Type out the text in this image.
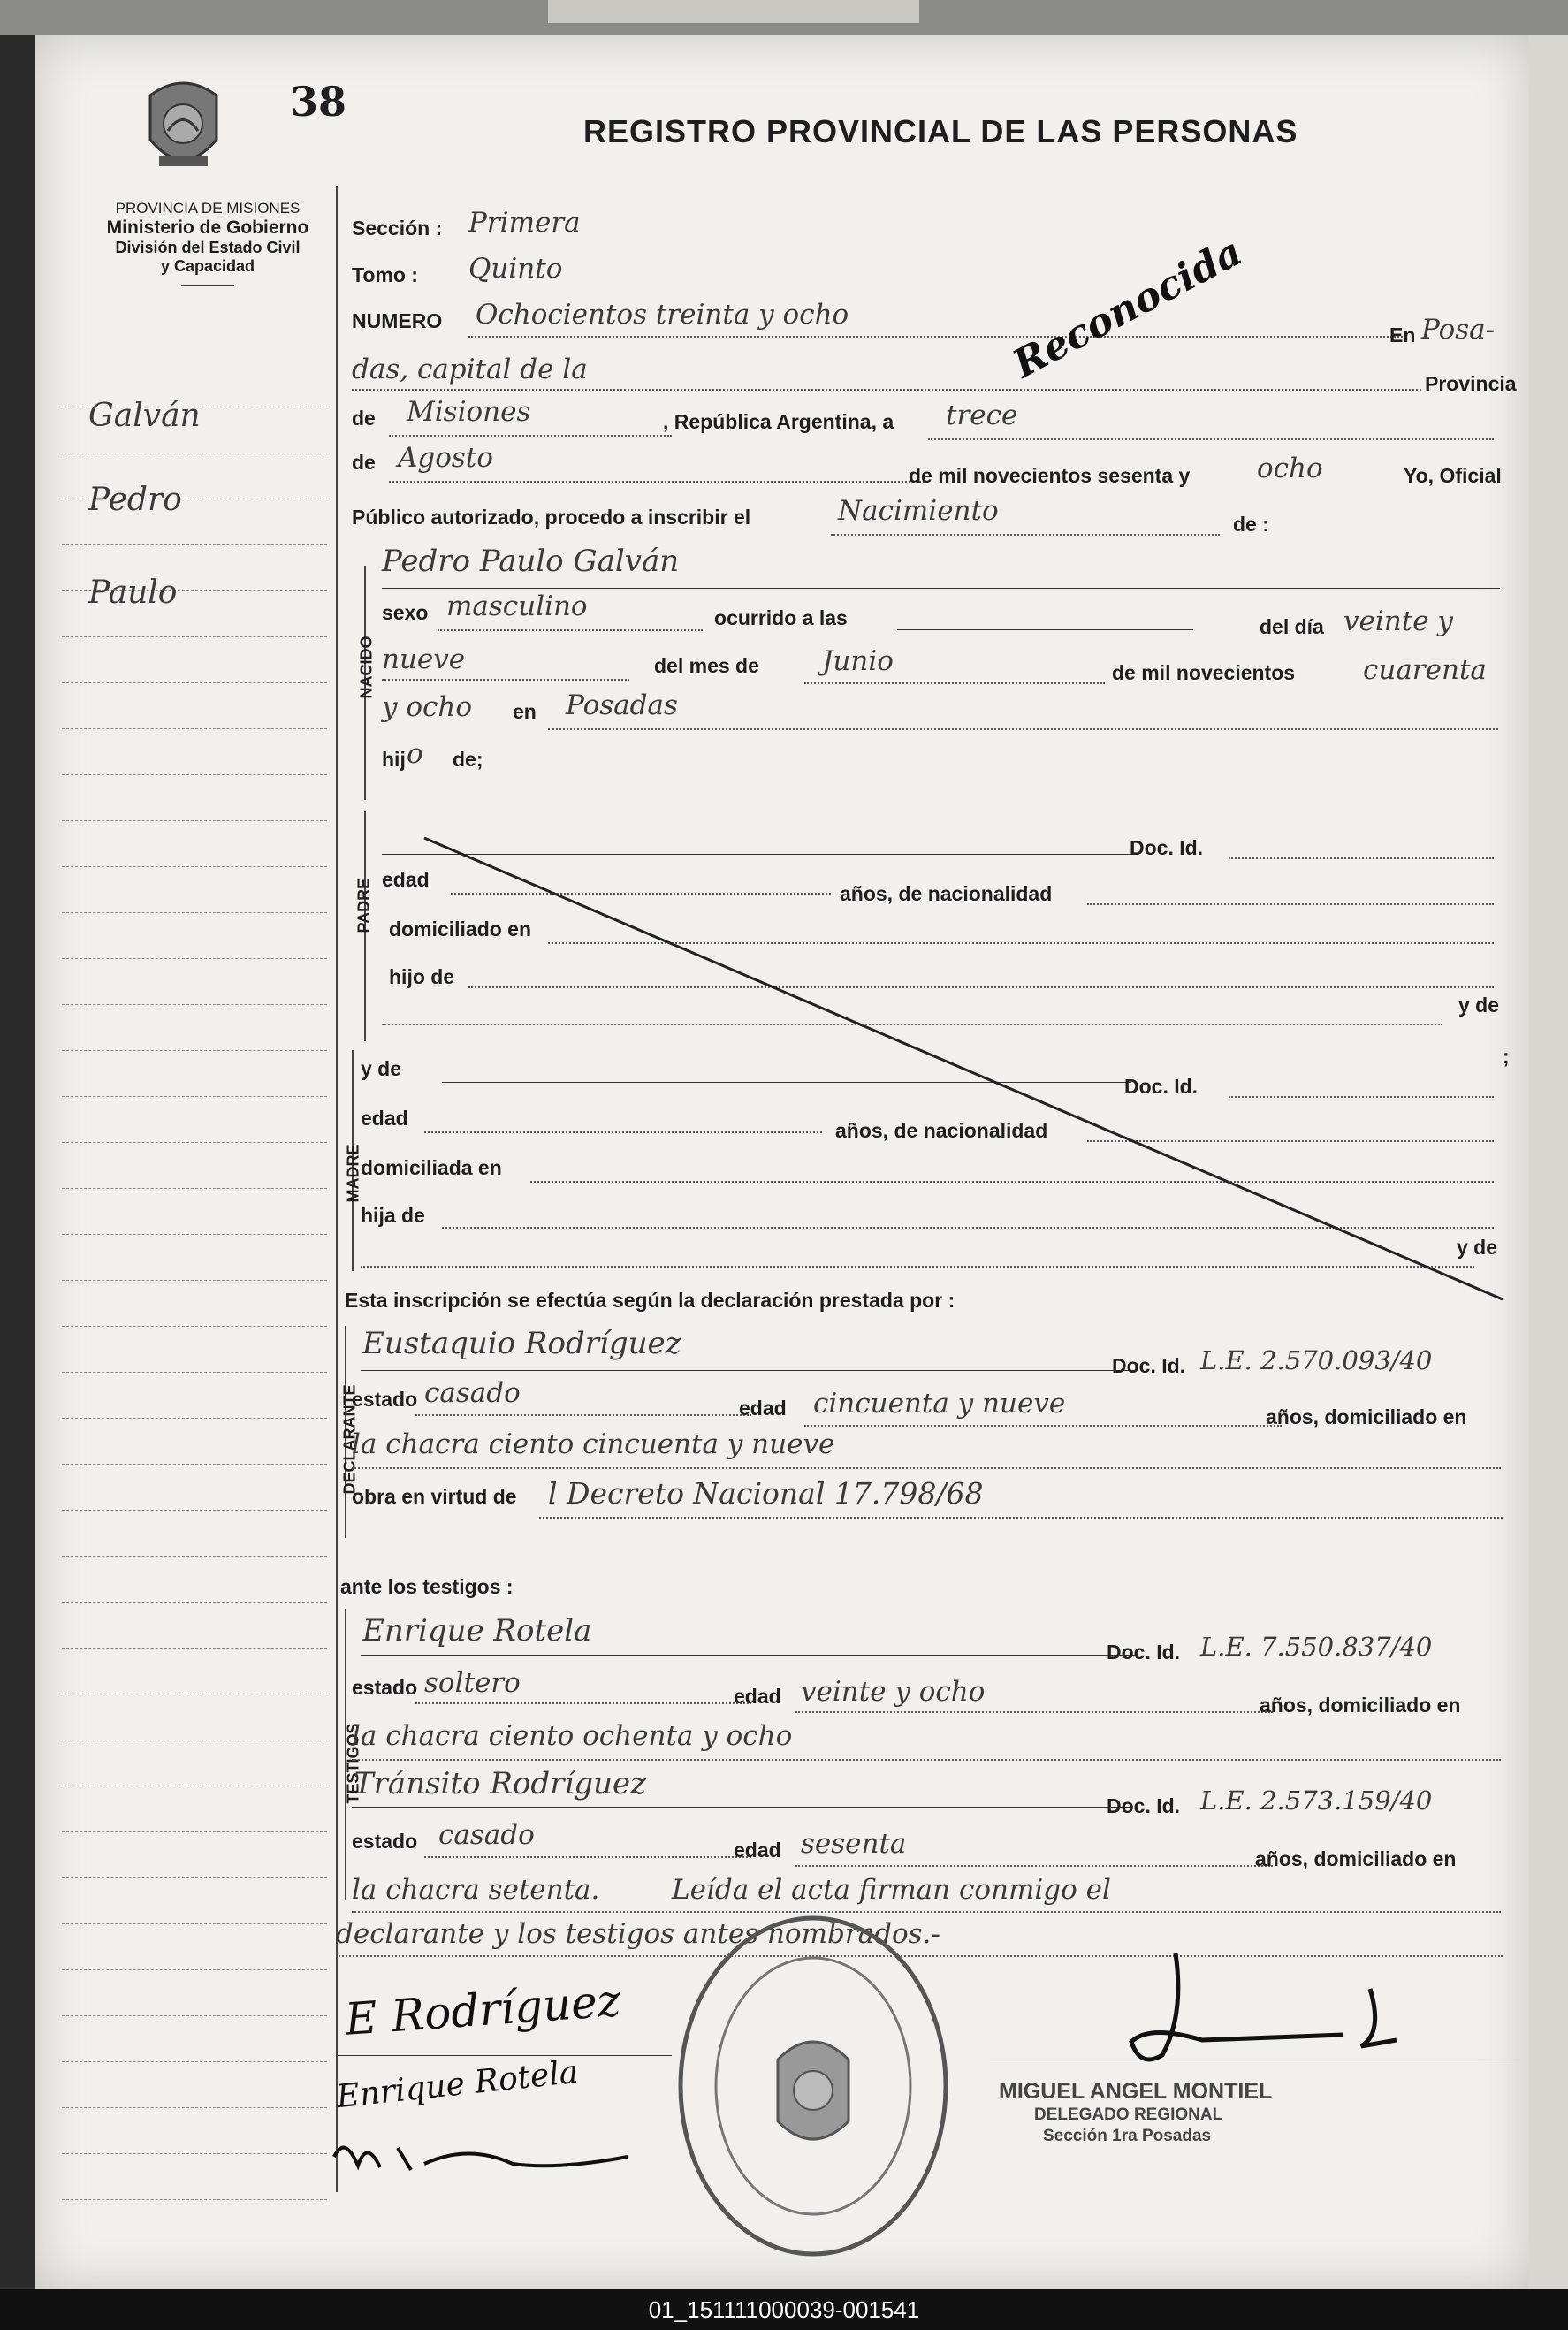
38
REGISTRO PROVINCIAL DE LAS PERSONAS
PROVINCIA DE MISIONES
Ministerio de Gobierno
División del Estado Civil
y Capacidad
Galván
Pedro
Paulo
Sección : Primera
Tomo : Quinto
NUMERO Ochocientos treinta y ocho
En Posa-
das, capital de la	Provincia
de Misiones	, República Argentina, a trece
de Agosto
de mil novecientos sesenta y ocho	Yo, Oficial
Público autorizado, procedo a inscribir el	Nacimiento	de :
Reconocida
NACIDO
Pedro Paulo Galván
sexo masculino	ocurrido a las	del día veinte y
nueve	del mes de Junio	de mil novecientos cuarenta
y ocho en Posadas
hij o de;
PADRE
Doc. Id.
edad
años, de nacionalidad
domiciliado en
hijo de
y de
MADRE
;
y de
Doc. Id.
edad
años, de nacionalidad
domiciliada en
hija de
y de
Esta inscripción se efectúa según la declaración prestada por :
DECLARANTE
Eustaquio Rodríguez
Doc. Id. L.E. 2.570.093/40
estado casado	edad cincuenta y nueve	años, domiciliado en
la chacra ciento cincuenta y nueve
obra en virtud de l Decreto Nacional 17.798/68
ante los testigos :
TESTIGOS
Enrique Rotela
Doc. Id. L.E. 7.550.837/40
estado soltero	edad veinte y ocho	años, domiciliado en
la chacra ciento ochenta y ocho
Tránsito Rodríguez
Doc. Id. L.E. 2.573.159/40
estado casado	edad sesenta	años, domiciliado en
la chacra setenta.	Leída el acta firman conmigo el
declarante y los testigos antes nombrados.-
E Rodríguez
Enrique Rotela	MIGUEL ANGEL MONTIEL
DELEGADO REGIONAL
Sección 1ra Posadas
01_151111000039-001541
